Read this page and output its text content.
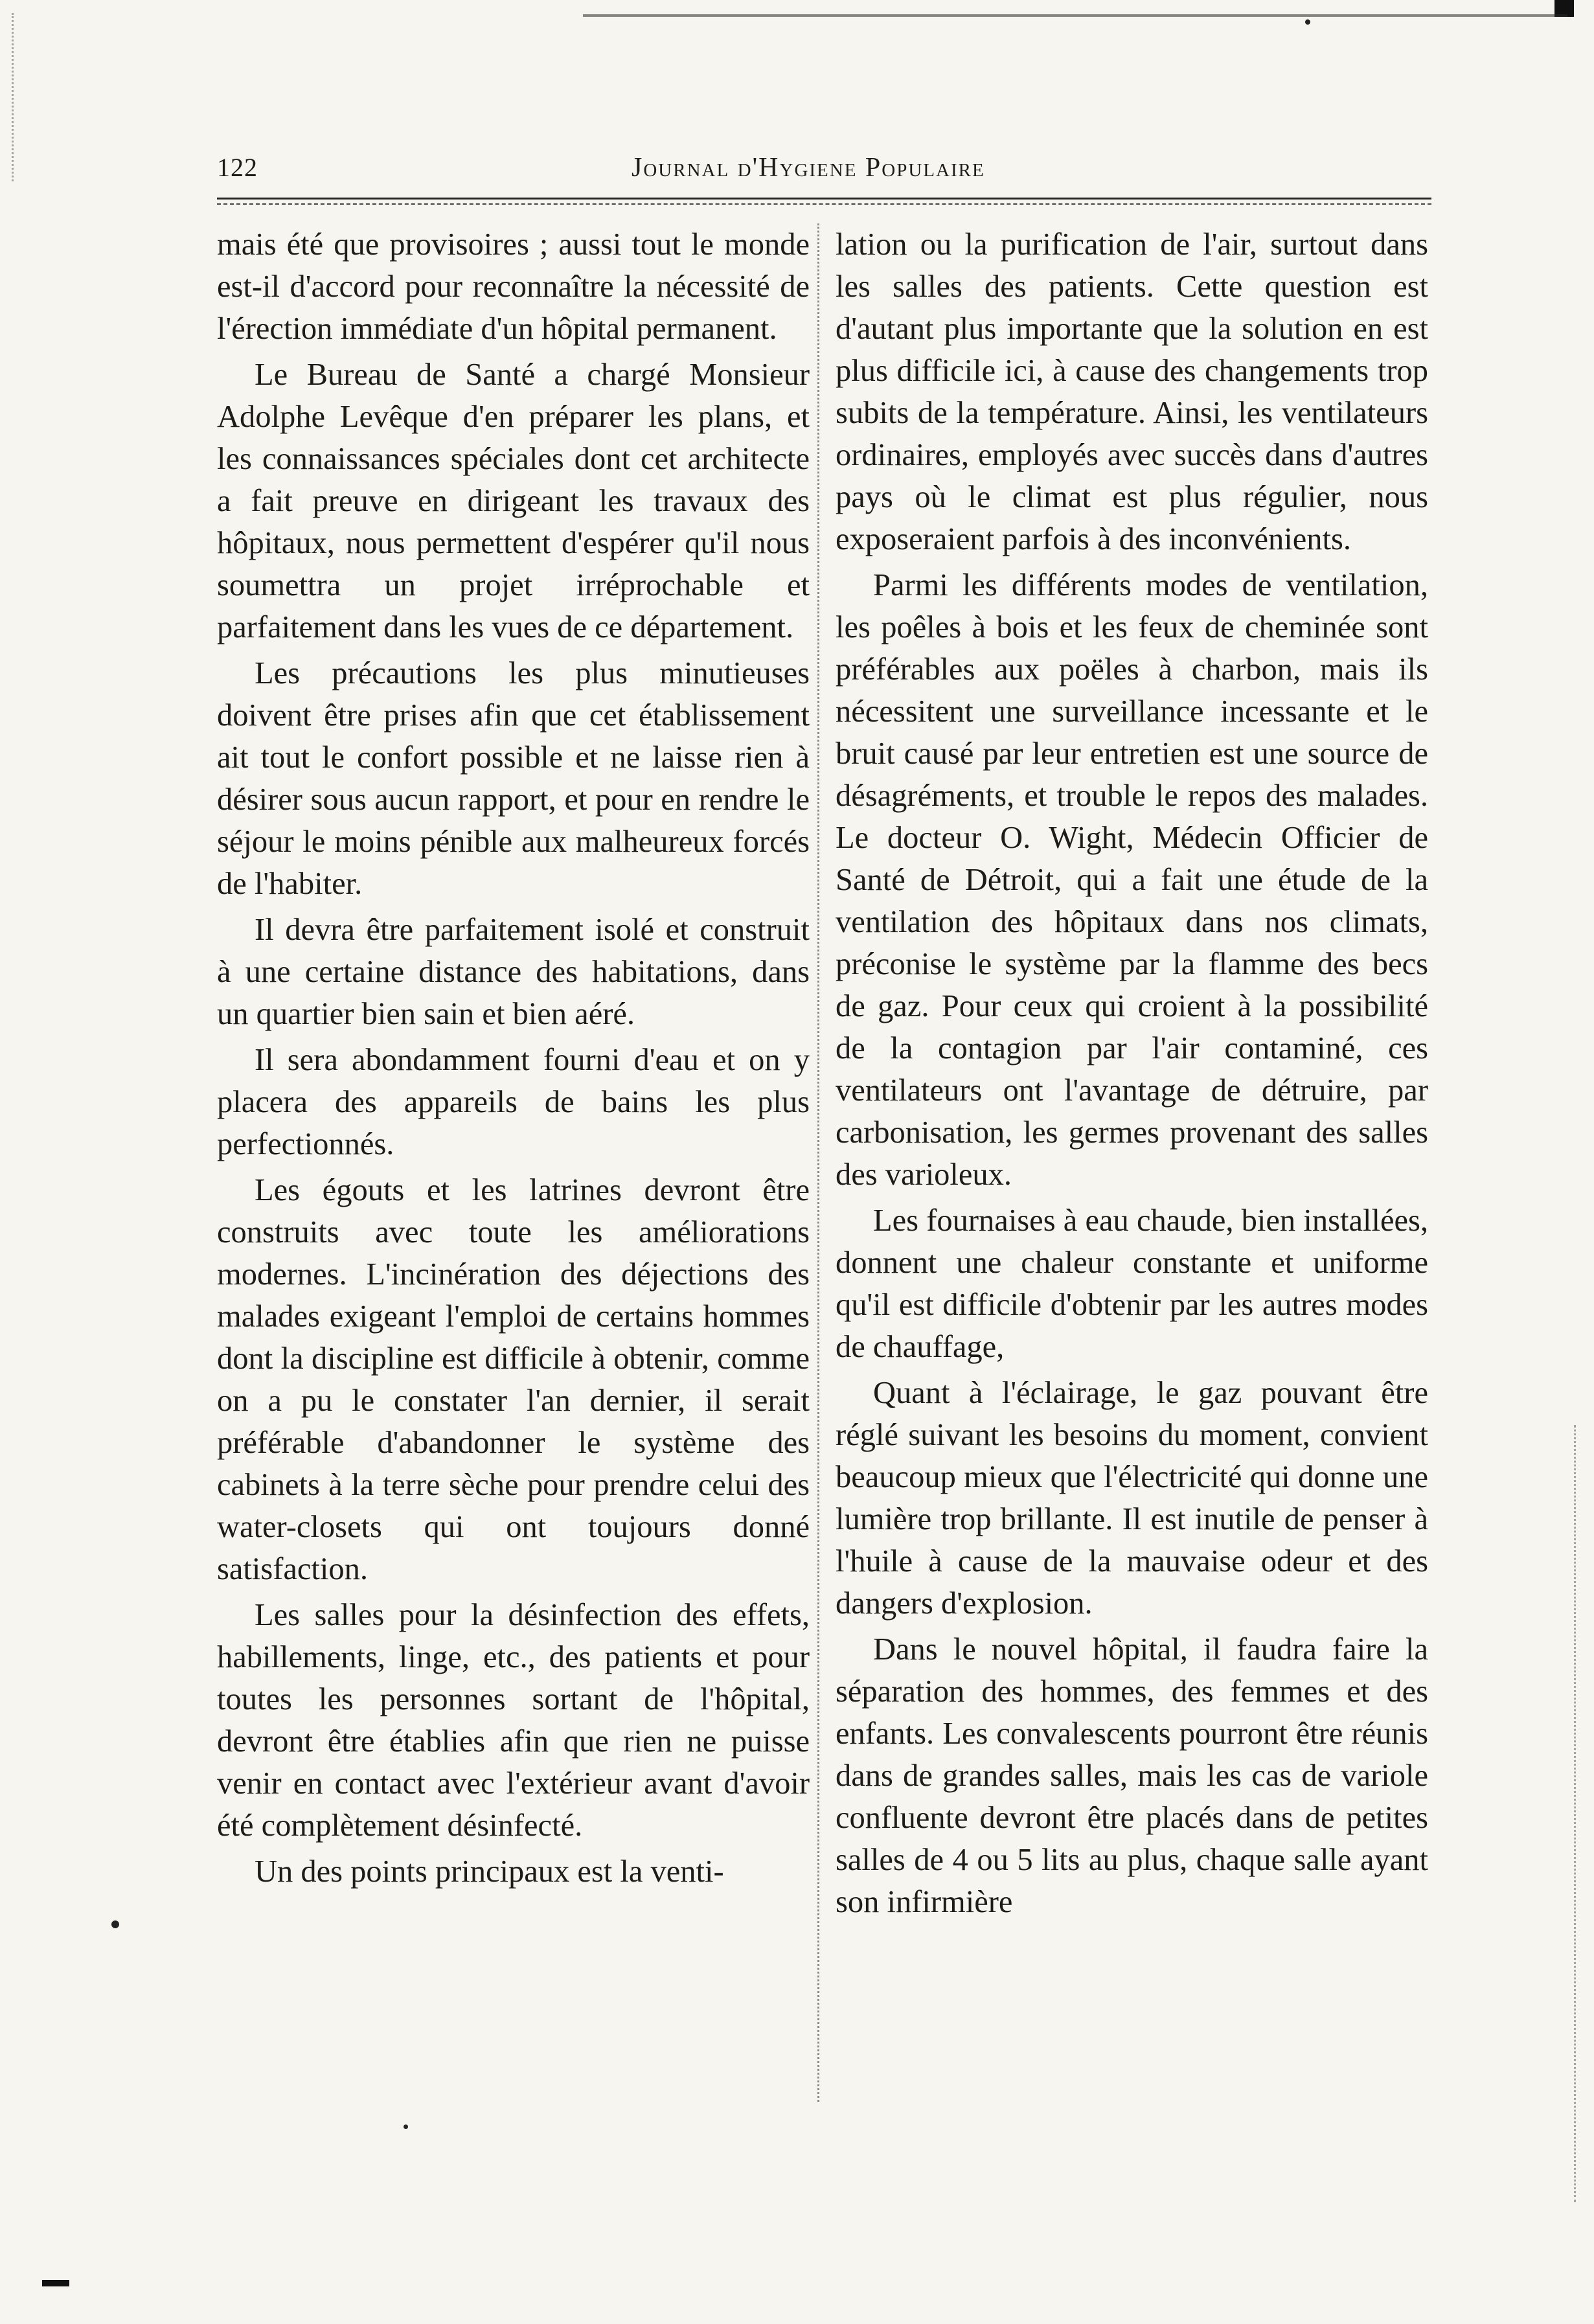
122	Journal d'Hygiene Populaire

mais été que provisoires ; aussi tout le monde est-il d'accord pour reconnaître la nécessité de l'érection immédiate d'un hôpital permanent.

Le Bureau de Santé a chargé Monsieur Adolphe Levêque d'en préparer les plans, et les connaissances spéciales dont cet architecte a fait preuve en dirigeant les travaux des hôpitaux, nous permettent d'espérer qu'il nous soumettra un projet irréprochable et parfaitement dans les vues de ce département.

Les précautions les plus minutieuses doivent être prises afin que cet établissement ait tout le confort possible et ne laisse rien à désirer sous aucun rapport, et pour en rendre le séjour le moins pénible aux malheureux forcés de l'habiter.

Il devra être parfaitement isolé et construit à une certaine distance des habitations, dans un quartier bien sain et bien aéré.

Il sera abondamment fourni d'eau et on y placera des appareils de bains les plus perfectionnés.

Les égouts et les latrines devront être construits avec toute les améliorations modernes. L'incinération des déjections des malades exigeant l'emploi de certains hommes dont la discipline est difficile à obtenir, comme on a pu le constater l'an dernier, il serait préférable d'abandonner le système des cabinets à la terre sèche pour prendre celui des water-closets qui ont toujours donné satisfaction.

Les salles pour la désinfection des effets, habillements, linge, etc., des patients et pour toutes les personnes sortant de l'hôpital, devront être établies afin que rien ne puisse venir en contact avec l'extérieur avant d'avoir été complètement désinfecté.

Un des points principaux est la venti-

lation ou la purification de l'air, surtout dans les salles des patients. Cette question est d'autant plus importante que la solution en est plus difficile ici, à cause des changements trop subits de la température. Ainsi, les ventilateurs ordinaires, employés avec succès dans d'autres pays où le climat est plus régulier, nous exposeraient parfois à des inconvénients.

Parmi les différents modes de ventilation, les poêles à bois et les feux de cheminée sont préférables aux poëles à charbon, mais ils nécessitent une surveillance incessante et le bruit causé par leur entretien est une source de désagréments, et trouble le repos des malades. Le docteur O. Wight, Médecin Officier de Santé de Détroit, qui a fait une étude de la ventilation des hôpitaux dans nos climats, préconise le système par la flamme des becs de gaz. Pour ceux qui croient à la possibilité de la contagion par l'air contaminé, ces ventilateurs ont l'avantage de détruire, par carbonisation, les germes provenant des salles des varioleux.

Les fournaises à eau chaude, bien installées, donnent une chaleur constante et uniforme qu'il est difficile d'obtenir par les autres modes de chauffage,

Quant à l'éclairage, le gaz pouvant être réglé suivant les besoins du moment, convient beaucoup mieux que l'électricité qui donne une lumière trop brillante. Il est inutile de penser à l'huile à cause de la mauvaise odeur et des dangers d'explosion.

Dans le nouvel hôpital, il faudra faire la séparation des hommes, des femmes et des enfants. Les convalescents pourront être réunis dans de grandes salles, mais les cas de variole confluente devront être placés dans de petites salles de 4 ou 5 lits au plus, chaque salle ayant son infirmière
